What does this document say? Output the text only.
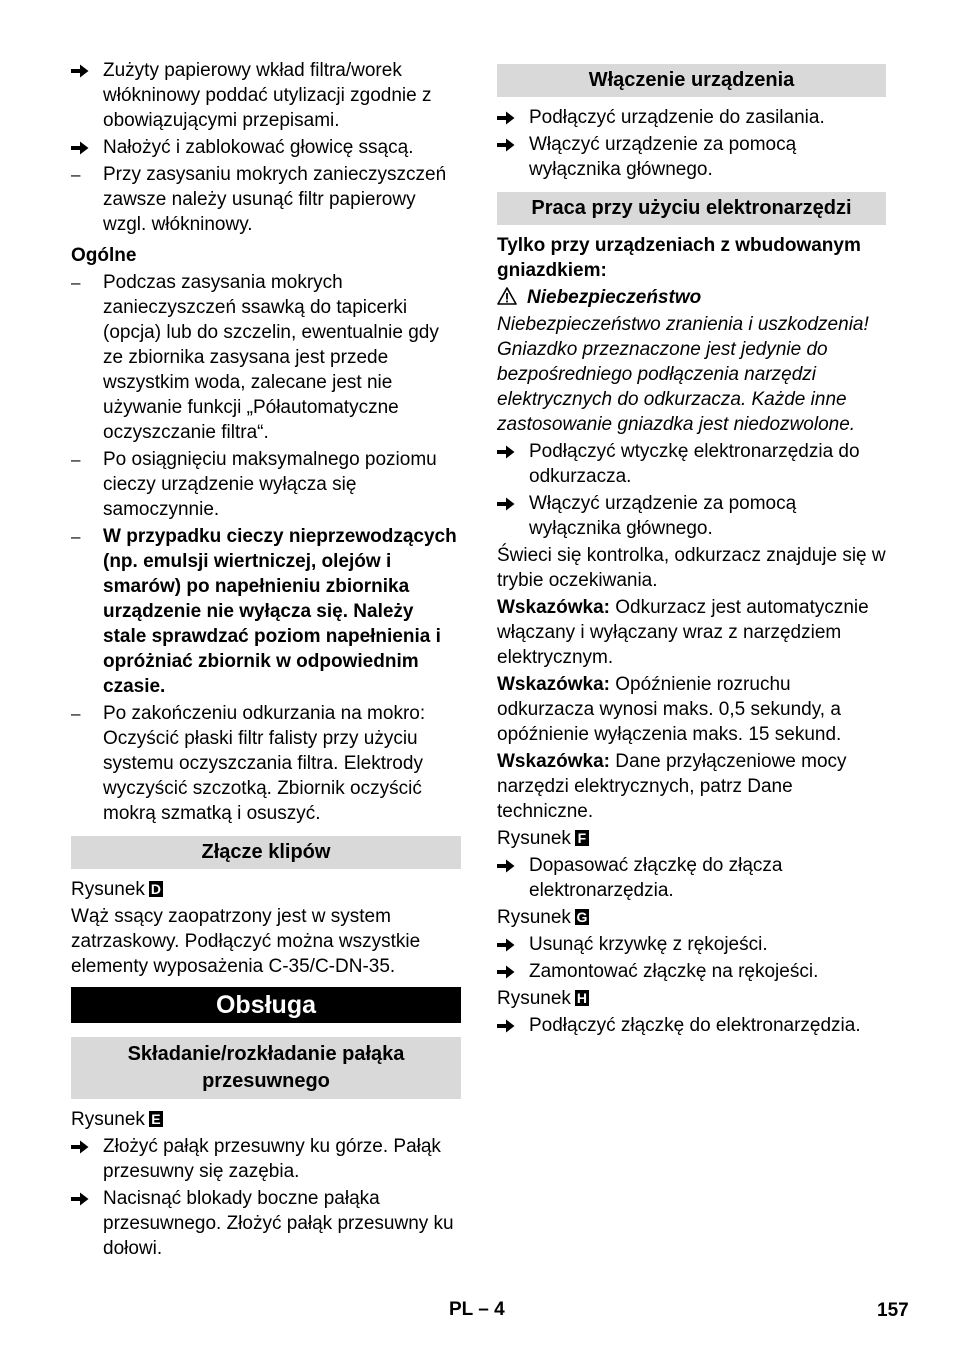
Zużyty papierowy wkład filtra/worek włókninowy poddać utylizacji zgodnie z obowiązującymi przepisami.
Nałożyć i zablokować głowicę ssącą.
–	Przy zasysaniu mokrych zanieczyszczeń zawsze należy usunąć filtr papierowy wzgl. włókninowy.
Ogólne
–	Podczas zasysania mokrych zanieczyszczeń ssawką do tapicerki (opcja) lub do szczelin, ewentualnie gdy ze zbiornika zasysana jest przede wszystkim woda, zalecane jest nie używanie funkcji „Półautomatyczne oczyszczanie filtra“.
–	Po osiągnięciu maksymalnego poziomu cieczy urządzenie wyłącza się samoczynnie.
–	W przypadku cieczy nieprzewodzących (np. emulsji wiertniczej, olejów i smarów) po napełnieniu zbiornika urządzenie nie wyłącza się. Należy stale sprawdzać poziom napełnienia i opróżniać zbiornik w odpowiednim czasie.
–	Po zakończeniu odkurzania na mokro: Oczyścić płaski filtr falisty przy użyciu systemu oczyszczania filtra. Elektrody wyczyścić szczotką. Zbiornik oczyścić mokrą szmatką i osuszyć.
Złącze klipów
Rysunek D
Wąż ssący zaopatrzony jest w system zatrzaskowy. Podłączyć można wszystkie elementy wyposażenia C-35/C-DN-35.
Obsługa
Składanie/rozkładanie pałąka przesuwnego
Rysunek E
Złożyć pałąk przesuwny ku górze. Pałąk przesuwny się zazębia.
Nacisnąć blokady boczne pałąka przesuwnego. Złożyć pałąk przesuwny ku dołowi.
Włączenie urządzenia
Podłączyć urządzenie do zasilania.
Włączyć urządzenie za pomocą wyłącznika głównego.
Praca przy użyciu elektronarzędzi
Tylko przy urządzeniach z wbudowanym gniazdkiem:
Niebezpieczeństwo
Niebezpieczeństwo zranienia i uszkodzenia! Gniazdko przeznaczone jest jedynie do bezpośredniego podłączenia narzędzi elektrycznych do odkurzacza. Każde inne zastosowanie gniazdka jest niedozwolone.
Podłączyć wtyczkę elektronarzędzia do odkurzacza.
Włączyć urządzenie za pomocą wyłącznika głównego.
Świeci się kontrolka, odkurzacz znajduje się w trybie oczekiwania.
Wskazówka: Odkurzacz jest automatycznie włączany i wyłączany wraz z narzędziem elektrycznym.
Wskazówka: Opóźnienie rozruchu odkurzacza wynosi maks. 0,5 sekundy, a opóźnienie wyłączenia maks. 15 sekund.
Wskazówka: Dane przyłączeniowe mocy narzędzi elektrycznych, patrz Dane techniczne.
Rysunek F
Dopasować złączkę do złącza elektronarzędzia.
Rysunek G
Usunąć krzywkę z rękojeści.
Zamontować złączkę na rękojeści.
Rysunek H
Podłączyć złączkę do elektronarzędzia.
PL – 4	157
